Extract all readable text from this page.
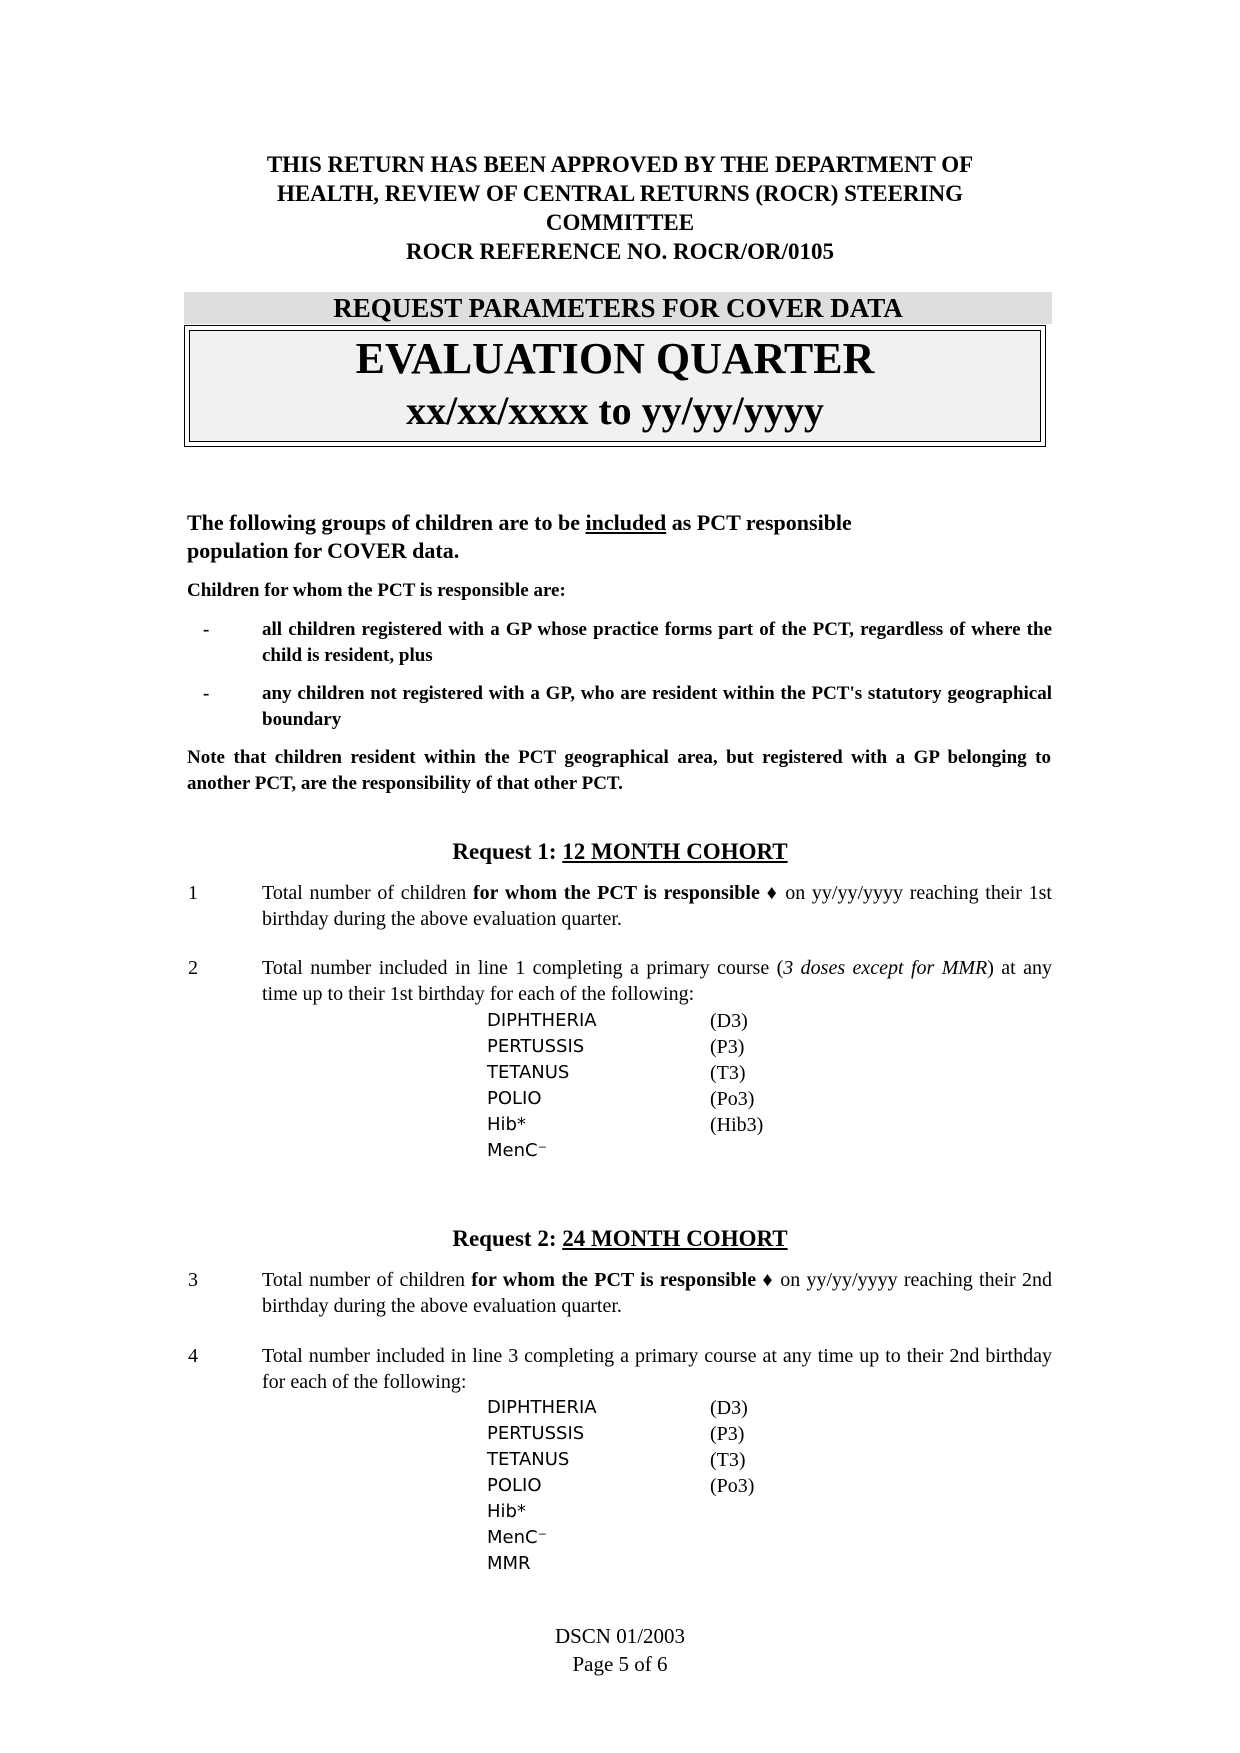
THIS RETURN HAS BEEN APPROVED BY THE DEPARTMENT OF
HEALTH, REVIEW OF CENTRAL RETURNS (ROCR) STEERING
COMMITTEE
ROCR REFERENCE NO. ROCR/OR/0105
REQUEST PARAMETERS FOR COVER DATA
EVALUATION QUARTER
xx/xx/xxxx to yy/yy/yyyy
The following groups of children are to be included as PCT responsible population for COVER data.
Children for whom the PCT is responsible are:
-	all children registered with a GP whose practice forms part of the PCT, regardless of where the child is resident, plus
-	any children not registered with a GP, who are resident within the PCT's statutory geographical boundary
Note that children resident within the PCT geographical area, but registered with a GP belonging to another PCT, are the responsibility of that other PCT.
Request 1: 12 MONTH COHORT
1	Total number of children for whom the PCT is responsible ♦ on yy/yy/yyyy reaching their 1st birthday during the above evaluation quarter.
2	Total number included in line 1 completing a primary course (3 doses except for MMR) at any time up to their 1st birthday for each of the following:
DIPHTHERIA	(D3)
PERTUSSIS	(P3)
TETANUS	(T3)
POLIO	(Po3)
Hib*	(Hib3)
MenC⁻
Request 2: 24 MONTH COHORT
3	Total number of children for whom the PCT is responsible ♦ on yy/yy/yyyy reaching their 2nd birthday during the above evaluation quarter.
4	Total number included in line 3 completing a primary course at any time up to their 2nd birthday for each of the following:
DIPHTHERIA	(D3)
PERTUSSIS	(P3)
TETANUS	(T3)
POLIO	(Po3)
Hib*
MenC⁻
MMR
DSCN 01/2003
Page 5 of 6
